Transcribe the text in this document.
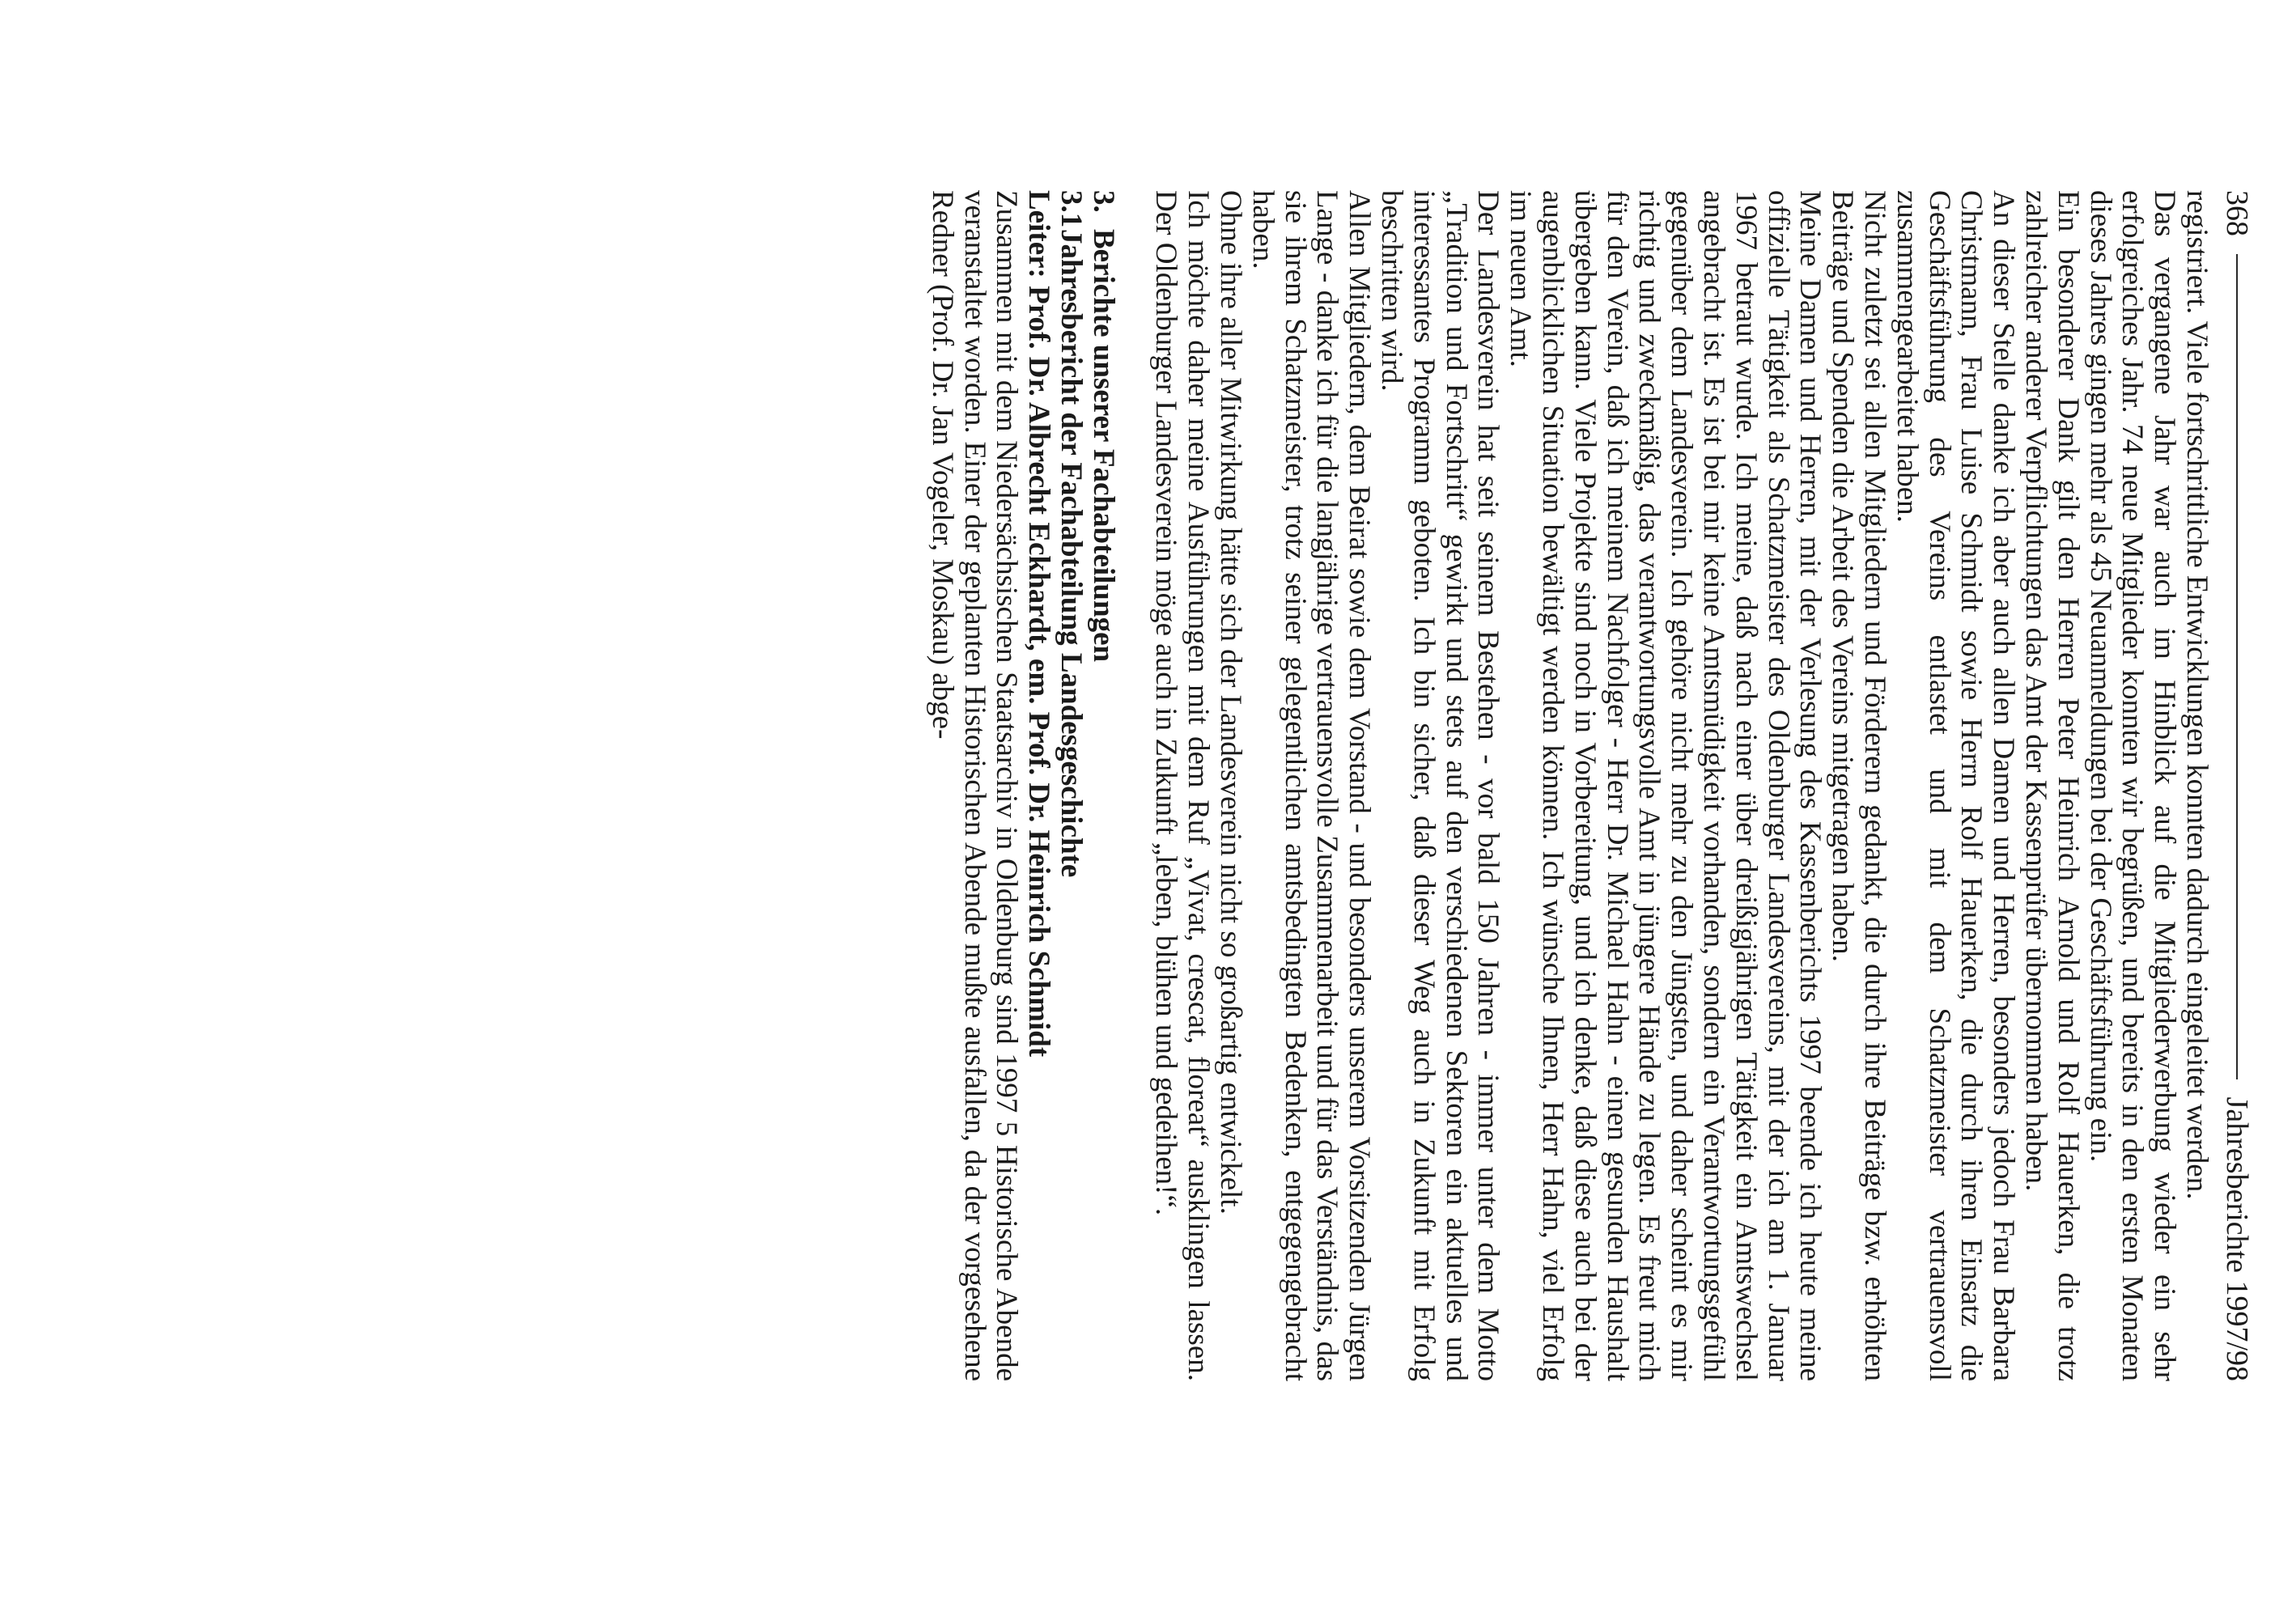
368
Jahresberichte 1997/98

registriert. Viele fortschrittliche Entwicklungen konnten dadurch eingeleitet werden.

Das vergangene Jahr war auch im Hinblick auf die Mitgliederwerbung wieder ein sehr erfolgreiches Jahr. 74 neue Mitglieder konnten wir begrüßen, und bereits in den ersten Monaten dieses Jahres gingen mehr als 45 Neuanmeldungen bei der Geschäftsführung ein.

Ein besonderer Dank gilt den Herren Peter Heinrich Arnold und Rolf Hauerken, die trotz zahlreicher anderer Verpflichtungen das Amt der Kassenprüfer übernommen haben.

An dieser Stelle danke ich aber auch allen Damen und Herren, besonders jedoch Frau Barbara Christmann, Frau Luise Schmidt sowie Herrn Rolf Hauerken, die durch ihren Einsatz die Geschäftsführung des Vereins entlastet und mit dem Schatzmeister vertrauensvoll zusammengearbeitet haben.

Nicht zuletzt sei allen Mitgliedern und Förderern gedankt, die durch ihre Beiträge bzw. erhöhten Beiträge und Spenden die Arbeit des Vereins mitgetragen haben.

Meine Damen und Herren, mit der Verlesung des Kassenberichts 1997 beende ich heute meine offizielle Tätigkeit als Schatzmeister des Oldenburger Landesvereins, mit der ich am 1. Januar 1967 betraut wurde. Ich meine, daß nach einer über dreißigjährigen Tätigkeit ein Amtswechsel angebracht ist. Es ist bei mir keine Amtsmüdigkeit vorhanden, sondern ein Verantwortungsgefühl gegenüber dem Landesverein. Ich gehöre nicht mehr zu den Jüngsten, und daher scheint es mir richtig und zweckmäßig, das verantwortungsvolle Amt in jüngere Hände zu legen. Es freut mich für den Verein, daß ich meinem Nachfolger - Herr Dr. Michael Hahn - einen gesunden Haushalt übergeben kann. Viele Projekte sind noch in Vorbereitung, und ich denke, daß diese auch bei der augenblicklichen Situation bewältigt werden können. Ich wünsche Ihnen, Herr Hahn, viel Erfolg im neuen Amt.

Der Landesverein hat seit seinem Bestehen - vor bald 150 Jahren - immer unter dem Motto „Tradition und Fortschritt“ gewirkt und stets auf den verschiedenen Sektoren ein aktuelles und interessantes Programm geboten. Ich bin sicher, daß dieser Weg auch in Zukunft mit Erfolg beschritten wird.

Allen Mitgliedern, dem Beirat sowie dem Vorstand - und besonders unserem Vorsitzenden Jürgen Lange - danke ich für die langjährige vertrauensvolle Zusammenarbeit und für das Verständnis, das sie ihrem Schatzmeister, trotz seiner gelegentlichen amtsbedingten Bedenken, entgegengebracht haben.

Ohne ihre aller Mitwirkung hätte sich der Landesverein nicht so großartig entwickelt.

Ich möchte daher meine Ausführungen mit dem Ruf „Vivat, crescat, floreat“ ausklingen lassen. Der Oldenburger Landesverein möge auch in Zukunft „leben, blühen und gedeihen!“.

3.Berichte unserer Fachabteilungen

3.1Jahresbericht der Fachabteilung Landesgeschichte

Leiter: Prof. Dr. Albrecht Eckhardt, em. Prof. Dr. Heinrich Schmidt

Zusammen mit dem Niedersächsischen Staatsarchiv in Oldenburg sind 1997 5 Historische Abende veranstaltet worden. Einer der geplanten Historischen Abende mußte ausfallen, da der vorgesehene Redner (Prof. Dr. Jan Vogeler, Moskau) abge-
